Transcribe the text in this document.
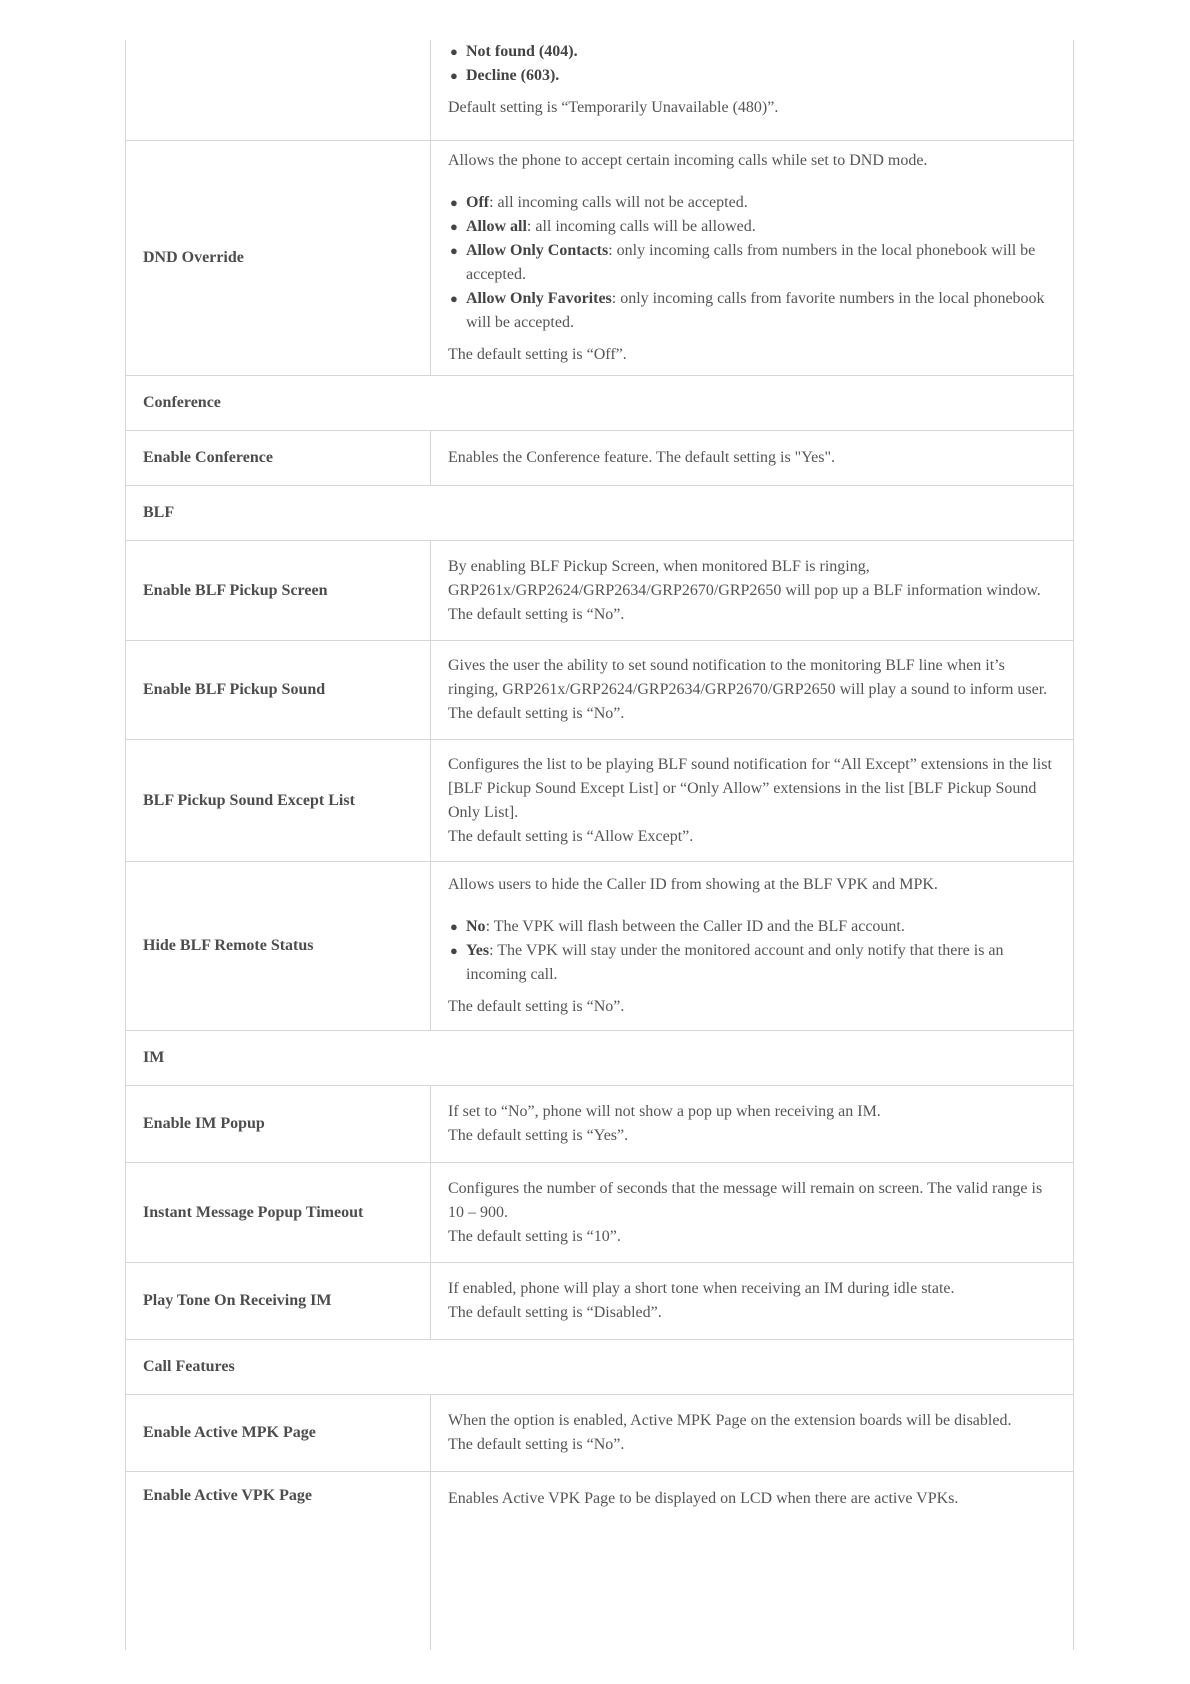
● Not found (404).
● Decline (603).

Default setting is “Temporarily Unavailable (480)”.

DND Override

Allows the phone to accept certain incoming calls while set to DND mode.

● Off: all incoming calls will not be accepted.
● Allow all: all incoming calls will be allowed.
● Allow Only Contacts: only incoming calls from numbers in the local phonebook will be accepted.
● Allow Only Favorites: only incoming calls from favorite numbers in the local phonebook will be accepted.

The default setting is “Off”.

Conference
Enable Conference	Enables the Conference feature. The default setting is "Yes".

BLF
Enable BLF Pickup Screen

By enabling BLF Pickup Screen, when monitored BLF is ringing, GRP261x/GRP2624/GRP2634/GRP2670/GRP2650 will pop up a BLF information window.

The default setting is “No”.

Enable BLF Pickup Sound

Gives the user the ability to set sound notification to the monitoring BLF line when it’s ringing, GRP261x/GRP2624/GRP2634/GRP2670/GRP2650 will play a sound to inform user.

The default setting is “No”.

BLF Pickup Sound Except List

Configures the list to be playing BLF sound notification for “All Except” extensions in the list [BLF Pickup Sound Except List] or “Only Allow” extensions in the list [BLF Pickup Sound Only List].

The default setting is “Allow Except”.

Hide BLF Remote Status

Allows users to hide the Caller ID from showing at the BLF VPK and MPK.

● No: The VPK will flash between the Caller ID and the BLF account.
● Yes: The VPK will stay under the monitored account and only notify that there is an incoming call.

The default setting is “No”.

IM
Enable IM Popup

If set to “No”, phone will not show a pop up when receiving an IM.

The default setting is “Yes”.

Instant Message Popup Timeout

Configures the number of seconds that the message will remain on screen. The valid range is 10 – 900.

The default setting is “10”.

Play Tone On Receiving IM

If enabled, phone will play a short tone when receiving an IM during idle state.

The default setting is “Disabled”.

Call Features
Enable Active MPK Page

When the option is enabled, Active MPK Page on the extension boards will be disabled.

The default setting is “No”.

Enable Active VPK Page	Enables Active VPK Page to be displayed on LCD when there are active VPKs.
